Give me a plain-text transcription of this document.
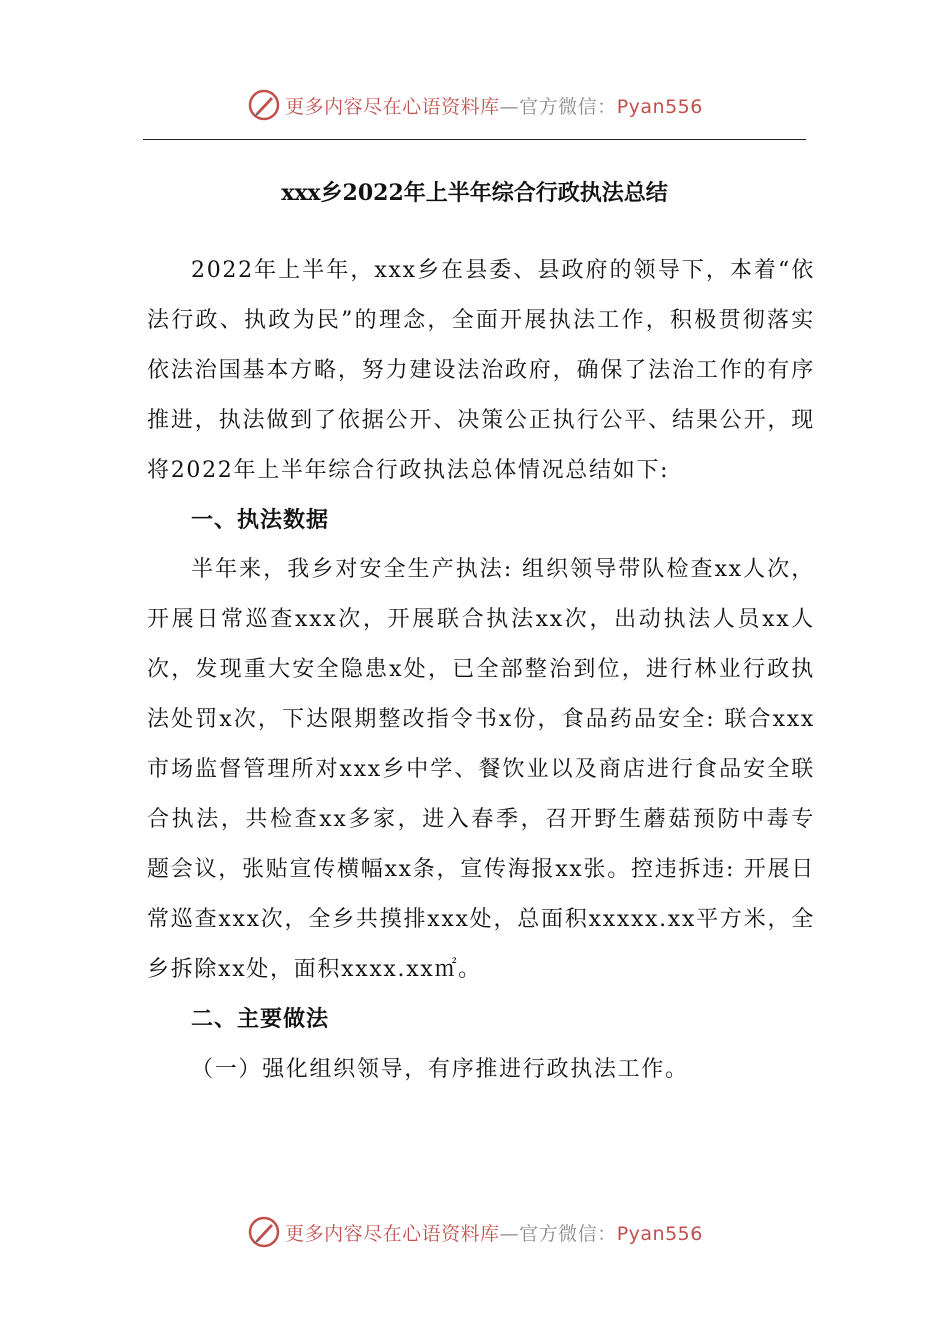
更多内容尽在心语资料库—官方微信：Pyan556
xxx乡2022年上半年综合行政执法总结

2022年上半年，xxx乡在县委、县政府的领导下，本着“依法行政、执政为民”的理念，全面开展执法工作，积极贯彻落实依法治国基本方略，努力建设法治政府，确保了法治工作的有序推进，执法做到了依据公开、决策公正执行公平、结果公开，现将2022年上半年综合行政执法总体情况总结如下:

一、执法数据

半年来，我乡对安全生产执法: 组织领导带队检查xx人次，开展日常巡查xxx次，开展联合执法xx次，出动执法人员xx人次，发现重大安全隐患x处，已全部整治到位，进行林业行政执法处罚x次，下达限期整改指令书x份，食品药品安全: 联合xxx市场监督管理所对xxx乡中学、餐饮业以及商店进行食品安全联合执法，共检查xx多家，进入春季，召开野生蘑菇预防中毒专题会议，张贴宣传横幅xx条，宣传海报xx张。控违拆违: 开展日常巡查xxx次，全乡共摸排xxx处，总面积xxxxx.xx平方米，全乡拆除xx处，面积xxxx.xx㎡。

二、主要做法

（一）强化组织领导，有序推进行政执法工作。

更多内容尽在心语资料库—官方微信：Pyan556
